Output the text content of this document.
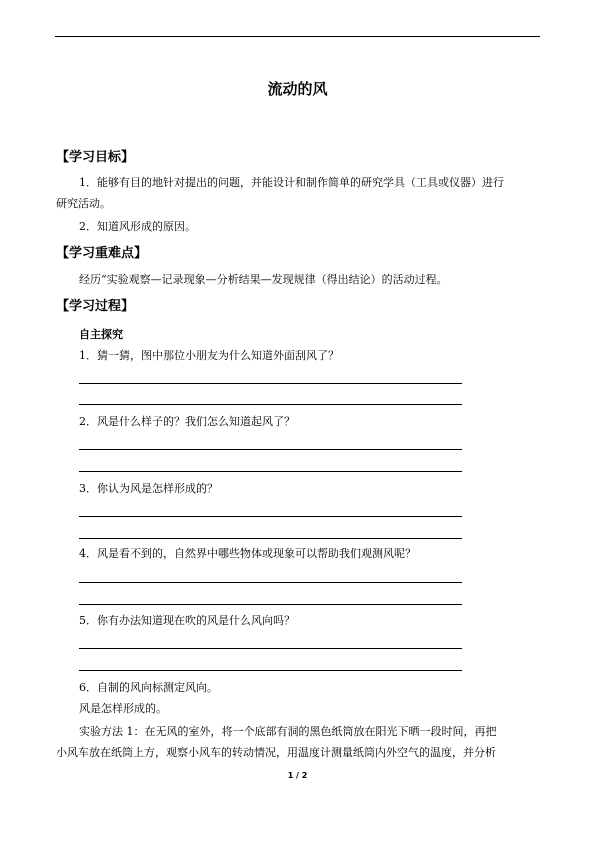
流动的风
【学习目标】
1．能够有目的地针对提出的问题，并能设计和制作简单的研究学具（工具或仪器）进行
研究活动。
2．知道风形成的原因。
【学习重难点】
经历“实验观察—记录现象—分析结果—发现规律（得出结论）的活动过程。
【学习过程】
自主探究
1．猜一猜，图中那位小朋友为什么知道外面刮风了？
2．风是什么样子的？我们怎么知道起风了？
3．你认为风是怎样形成的？
4．风是看不到的，自然界中哪些物体或现象可以帮助我们观测风呢？
5．你有办法知道现在吹的风是什么风向吗？
6．自制的风向标测定风向。
风是怎样形成的。
实验方法 1：在无风的室外，将一个底部有洞的黑色纸筒放在阳光下晒一段时间，再把
小风车放在纸筒上方，观察小风车的转动情况，用温度计测量纸筒内外空气的温度，并分析
1 / 2
